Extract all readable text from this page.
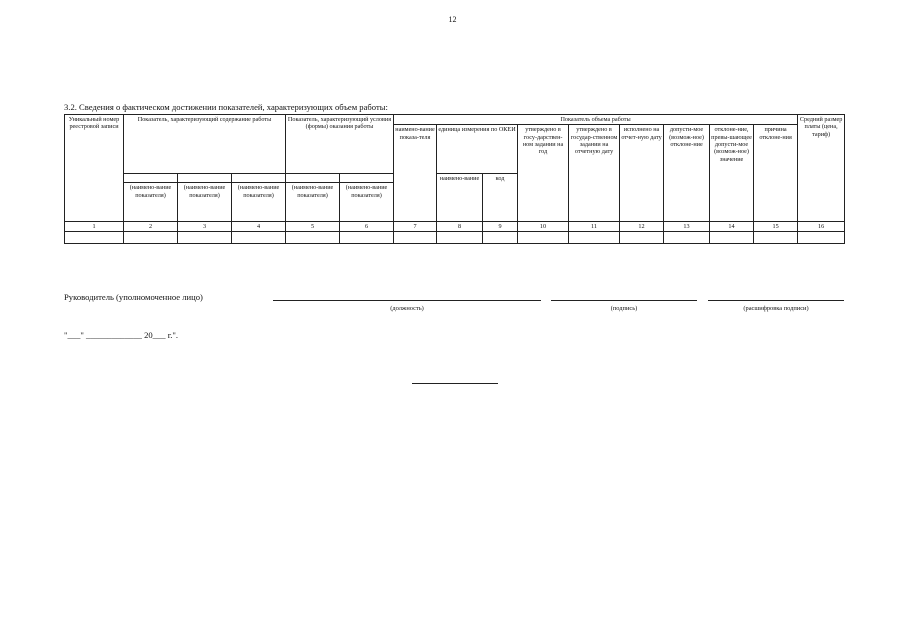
12
3.2. Сведения о фактическом достижении показателей, характеризующих объем работы:
Уникальный номер реестровой записи	Показатель, характеризующий содержание работы			Показатель, характеризующий условия (формы) оказания работы		Показатель объема работы									Средний размер платы (цена, тариф)
						наимено-вание показа-теля	единица измерения по ОКЕИ		утверждено в госу-дарствен-ном задании на год	утверждено в государ-ственном задании на отчетную дату	исполнено на отчет-ную дату	допусти-мое (возмож-ное) отклоне-ние	отклоне-ние, превы-шающее допусти-мое (возмож-ное) значение	причина отклоне-ния	
							наимено-вание	код							
	(наимено-вание показателя)	(наимено-вание показателя)	(наимено-вание показателя)	(наимено-вание показателя)	(наимено-вание показателя)										
1	2	3	4	5	6	7	8	9	10	11	12	13	14	15	16

Руководитель (уполномоченное лицо)
(должность)	(подпись)	(расшифровка подписи)
"___" _____________ 20___ г.".
